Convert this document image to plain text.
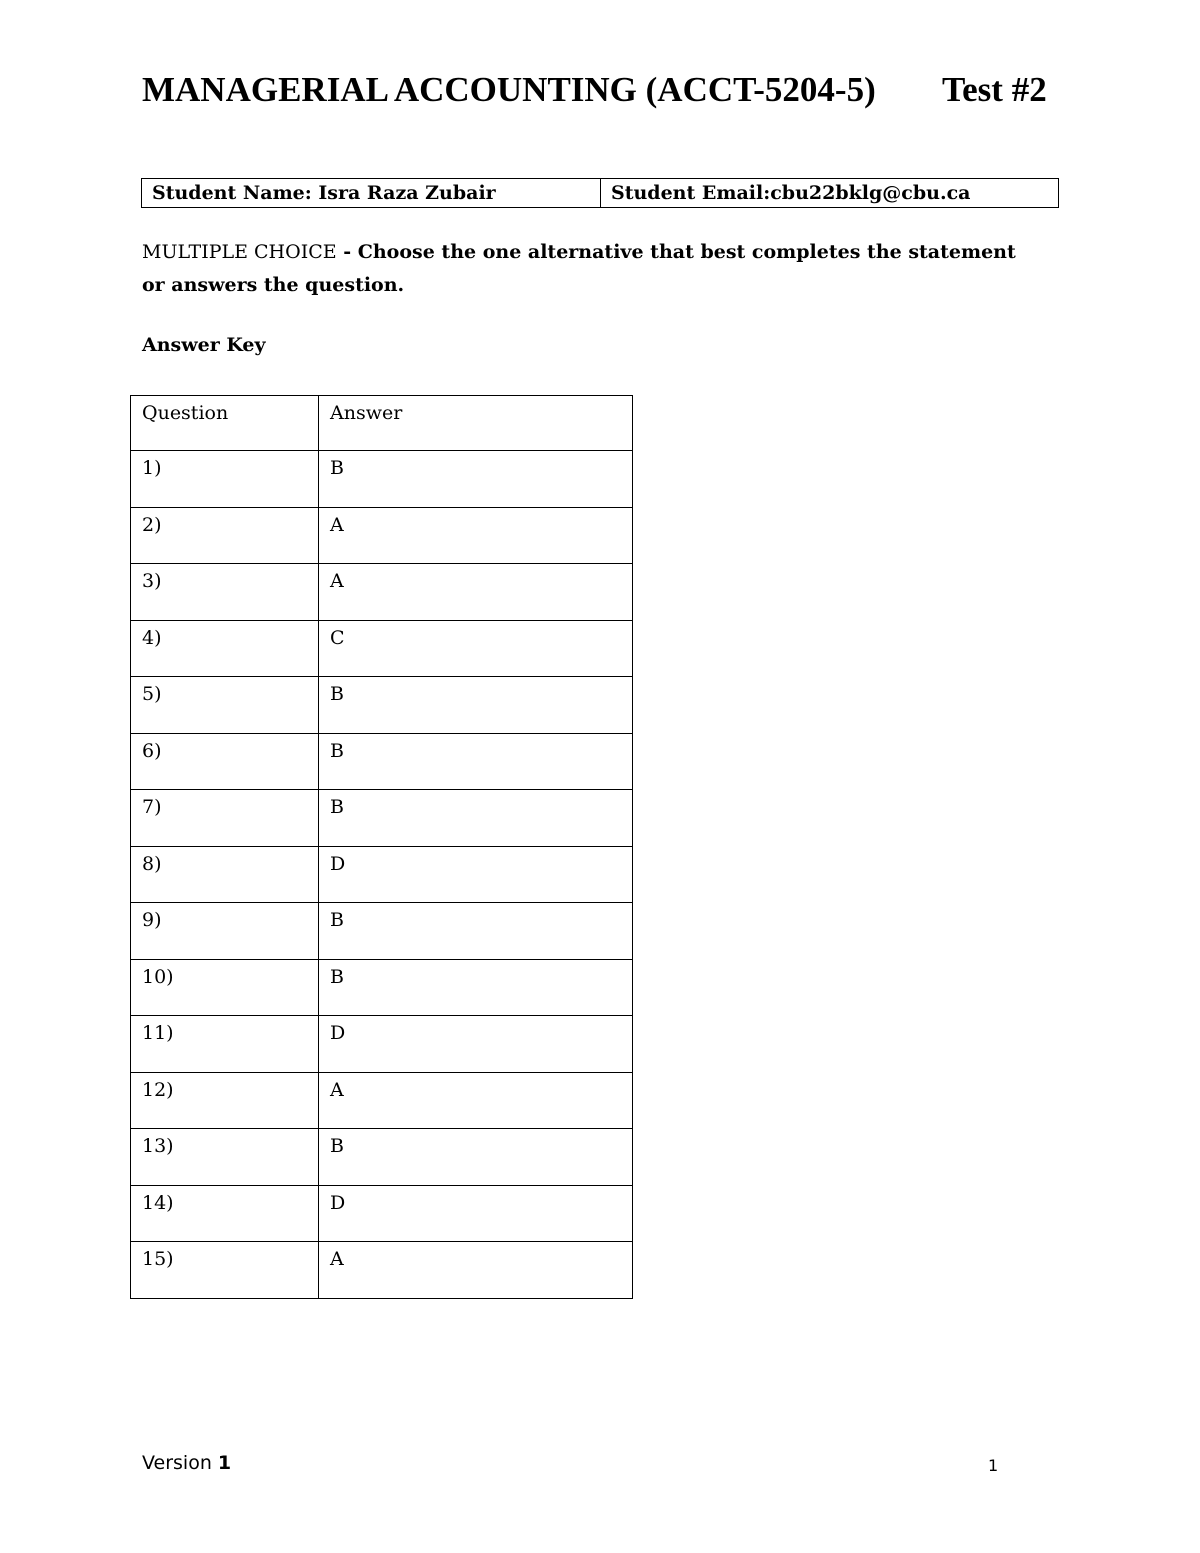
MANAGERIAL ACCOUNTING (ACCT-5204-5) Test #2
Student Name: Isra Raza Zubair	Student Email:cbu22bklg@cbu.ca
MULTIPLE CHOICE - Choose the one alternative that best completes the statement or answers the question.
Answer Key
Question	Answer
1)	B
2)	A
3)	A
4)	C
5)	B
6)	B
7)	B
8)	D
9)	B
10)	B
11)	D
12)	A
13)	B
14)	D
15)	A
Version 1	1
